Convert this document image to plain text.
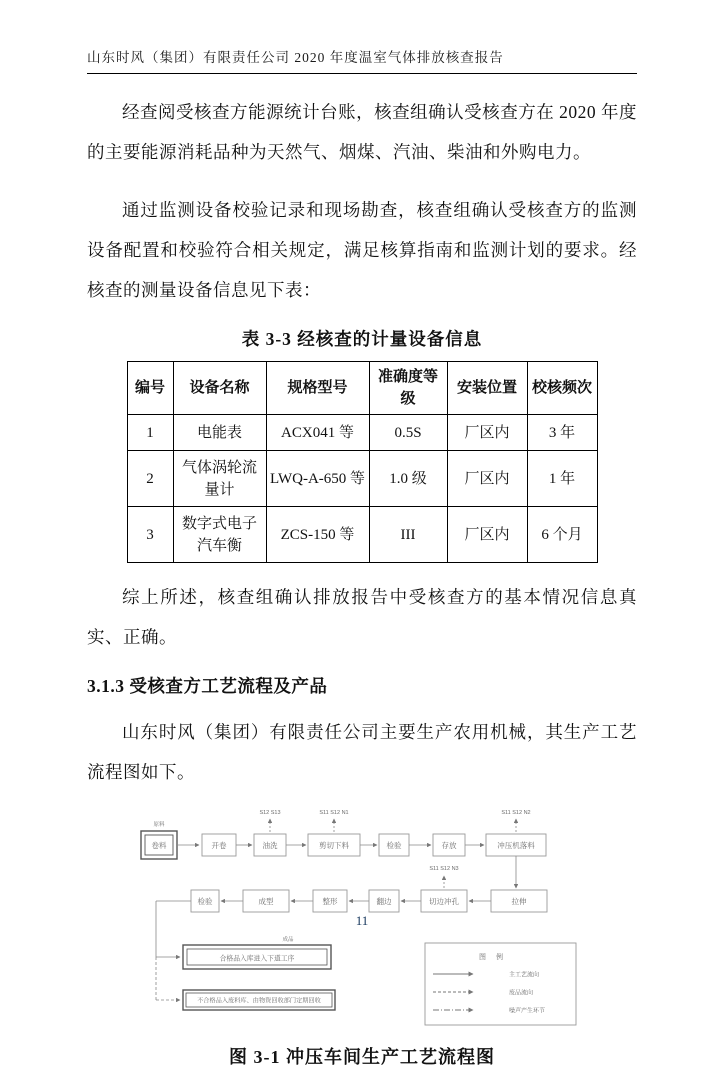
山东时风（集团）有限责任公司 2020 年度温室气体排放核查报告

经查阅受核查方能源统计台账，核查组确认受核查方在 2020 年度的主要能源消耗品种为天然气、烟煤、汽油、柴油和外购电力。

通过监测设备校验记录和现场勘查，核查组确认受核查方的监测设备配置和校验符合相关规定，满足核算指南和监测计划的要求。经核查的测量设备信息见下表：

表 3-3 经核查的计量设备信息
编号	设备名称	规格型号	准确度等级	安装位置	校核频次
1	电能表	ACX041 等	0.5S	厂区内	3 年
2	气体涡轮流量计	LWQ-A-650 等	1.0 级	厂区内	1 年
3	数字式电子汽车衡	ZCS-150 等	III	厂区内	6 个月

综上所述，核查组确认排放报告中受核查方的基本情况信息真实、正确。

3.1.3 受核查方工艺流程及产品

山东时风（集团）有限责任公司主要生产农用机械，其生产工艺流程图如下。

S12 S13	S11 S12 N1	S11 S12 N2
S11 S12 N3
原料
卷料	开卷	油洗	剪切下料	检验	存放	冲压机落料
检验	成型	整形	翻边	切边冲孔	拉伸
成品
合格品入库进入下道工序
不合格品入废料库、由物资回收部门定期回收
图 例
主工艺流向
废品流向
噪声产生环节
图 3-1 冲压车间生产工艺流程图
11
